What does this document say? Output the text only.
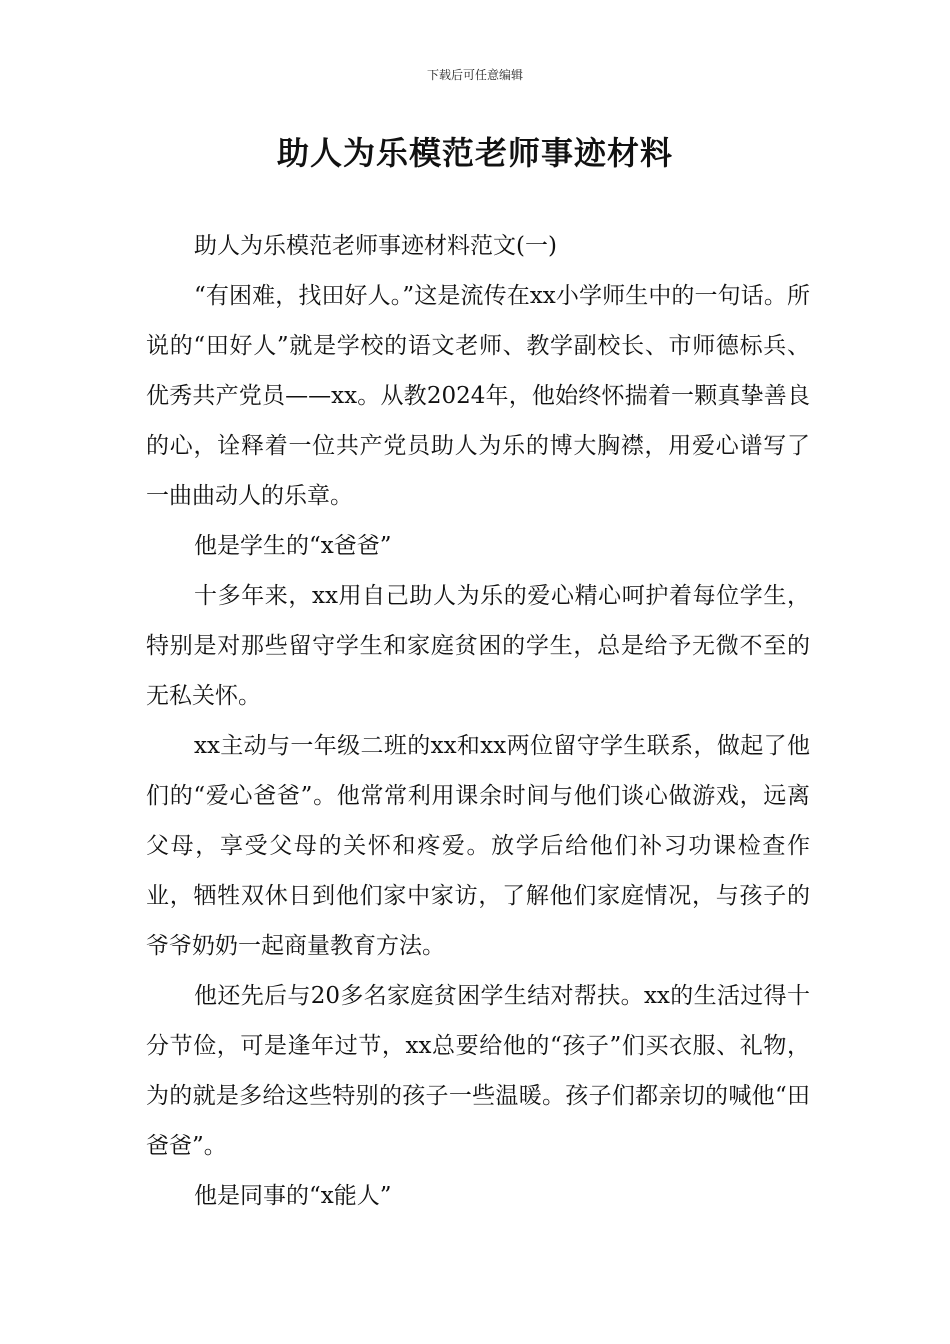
下载后可任意编辑
助人为乐模范老师事迹材料

助人为乐模范老师事迹材料范文(一)

“有困难，找田好人。”这是流传在xx小学师生中的一句话。所说的“田好人”就是学校的语文老师、教学副校长、市师德标兵、优秀共产党员——xx。从教2024年，他始终怀揣着一颗真挚善良的心，诠释着一位共产党员助人为乐的博大胸襟，用爱心谱写了一曲曲动人的乐章。

他是学生的“x爸爸”

十多年来，xx用自己助人为乐的爱心精心呵护着每位学生，特别是对那些留守学生和家庭贫困的学生，总是给予无微不至的无私关怀。

xx主动与一年级二班的xx和xx两位留守学生联系，做起了他们的“爱心爸爸”。他常常利用课余时间与他们谈心做游戏，远离父母，享受父母的关怀和疼爱。放学后给他们补习功课检查作业，牺牲双休日到他们家中家访，了解他们家庭情况，与孩子的爷爷奶奶一起商量教育方法。

他还先后与20多名家庭贫困学生结对帮扶。xx的生活过得十分节俭，可是逢年过节，xx总要给他的“孩子”们买衣服、礼物，为的就是多给这些特别的孩子一些温暖。孩子们都亲切的喊他“田爸爸”。

他是同事的“x能人”
